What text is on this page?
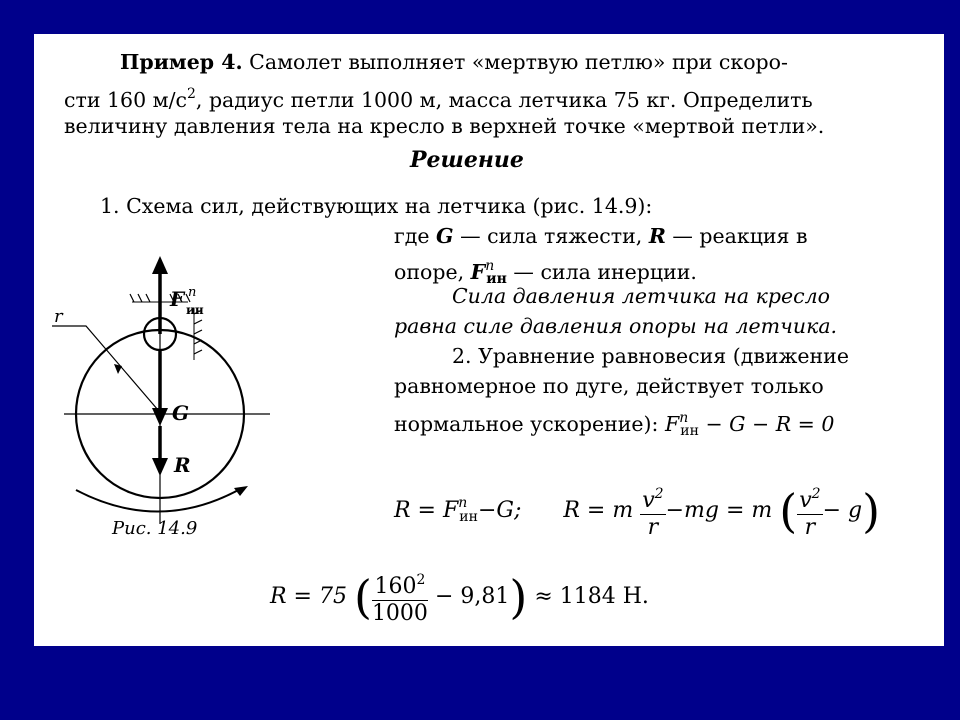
Пример 4. Самолет выполняет «мертвую петлю» при скоро-
сти 160 $м/с^2$, радиус петли 1000 м, масса летчика 75 кг. Определить
величину давления тела на кресло в верхней точке «мертвой петли».
Решение
1. Схема сил, действующих на летчика (рис. 14.9):
где G — сила тяжести, R — реакция в
опоре, $F^n_{ин}$ — сила инерции.
Сила давления летчика на кресло
равна силе давления опоры на летчика.
2. Уравнение равновесия (движение
равномерное по дуге, действует только
нормальное ускорение): $F^n_{ин} - G - R = 0$
$R = F^n_{ин}-G$; R = m $\frac{v^2}{r} -mg = m$ ( $\frac{v^2}{r} - g$)
R = 75 ( $\frac{160^2}{1000} - 9,81) \approx 1184$ Н.
G
R
r
F n
ин
Рис. 14.9
